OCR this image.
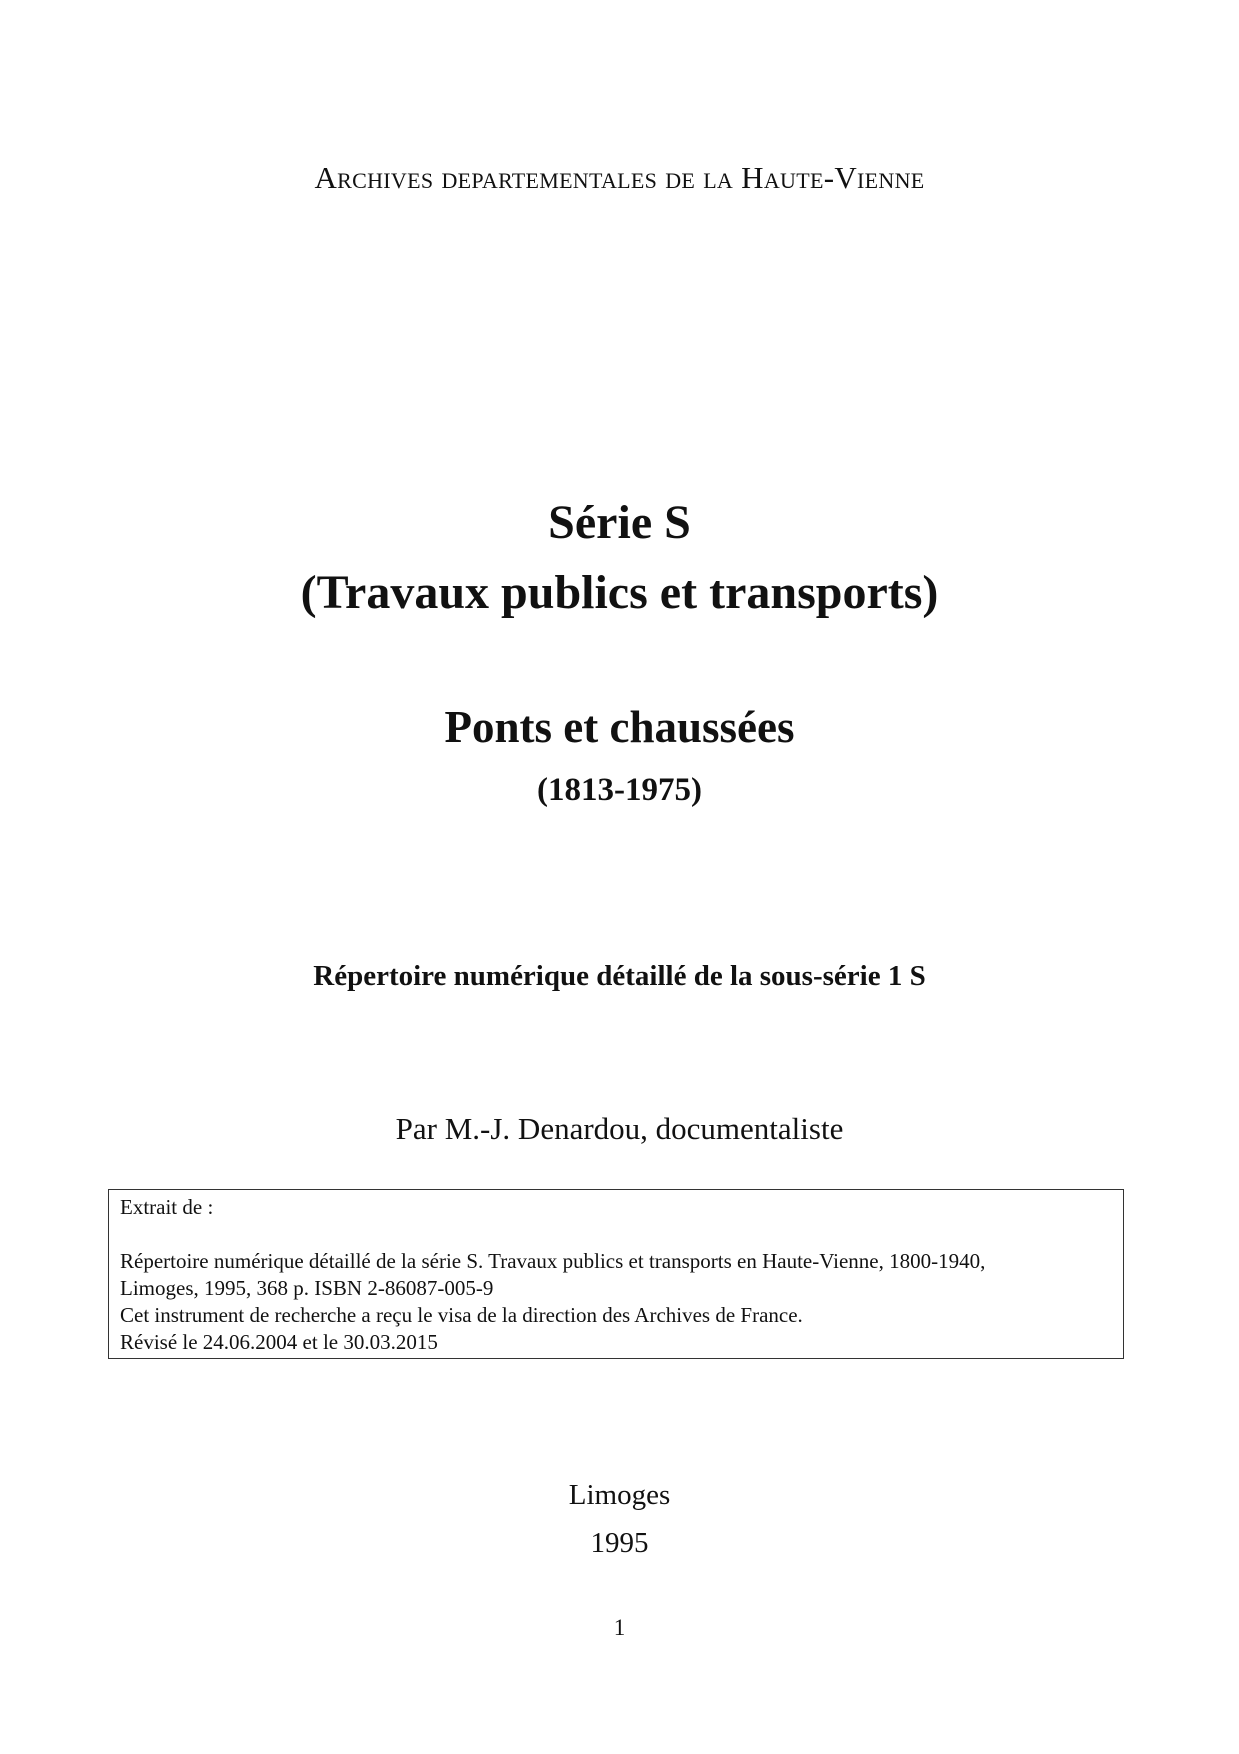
Archives departementales de la Haute-Vienne
Série S
(Travaux publics et transports)
Ponts et chaussées
(1813-1975)
Répertoire numérique détaillé de la sous-série 1 S
Par M.-J. Denardou, documentaliste
Extrait de :
Répertoire numérique détaillé de la série S. Travaux publics et transports en Haute-Vienne, 1800-1940,
Limoges, 1995, 368 p. ISBN 2-86087-005-9
Cet instrument de recherche a reçu le visa de la direction des Archives de France.
Révisé le 24.06.2004 et le 30.03.2015
Limoges
1995
1
